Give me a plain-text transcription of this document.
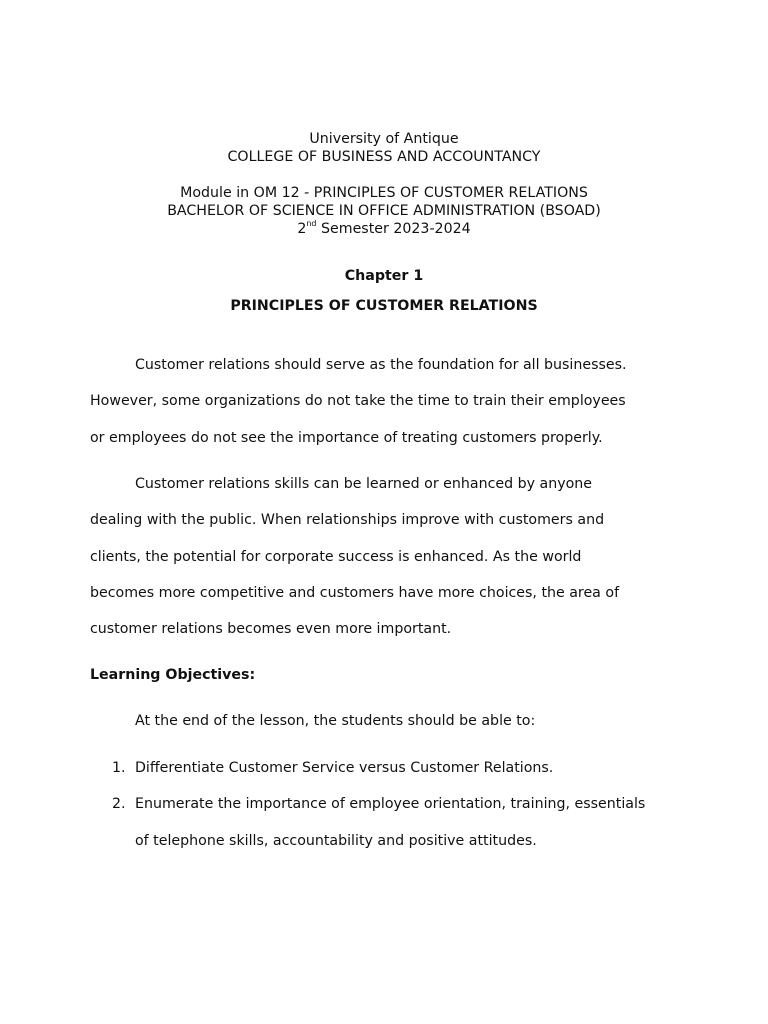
University of Antique
COLLEGE OF BUSINESS AND ACCOUNTANCY
Module in OM 12 - PRINCIPLES OF CUSTOMER RELATIONS
BACHELOR OF SCIENCE IN OFFICE ADMINISTRATION (BSOAD)
2nd Semester 2023-2024
Chapter 1
PRINCIPLES OF CUSTOMER RELATIONS
Customer relations should serve as the foundation for all businesses.
However, some organizations do not take the time to train their employees
or employees do not see the importance of treating customers properly.
Customer relations skills can be learned or enhanced by anyone
dealing with the public. When relationships improve with customers and
clients, the potential for corporate success is enhanced. As the world
becomes more competitive and customers have more choices, the area of
customer relations becomes even more important.
Learning Objectives:
At the end of the lesson, the students should be able to:
1. Differentiate Customer Service versus Customer Relations.
2. Enumerate the importance of employee orientation, training, essentials
of telephone skills, accountability and positive attitudes.
